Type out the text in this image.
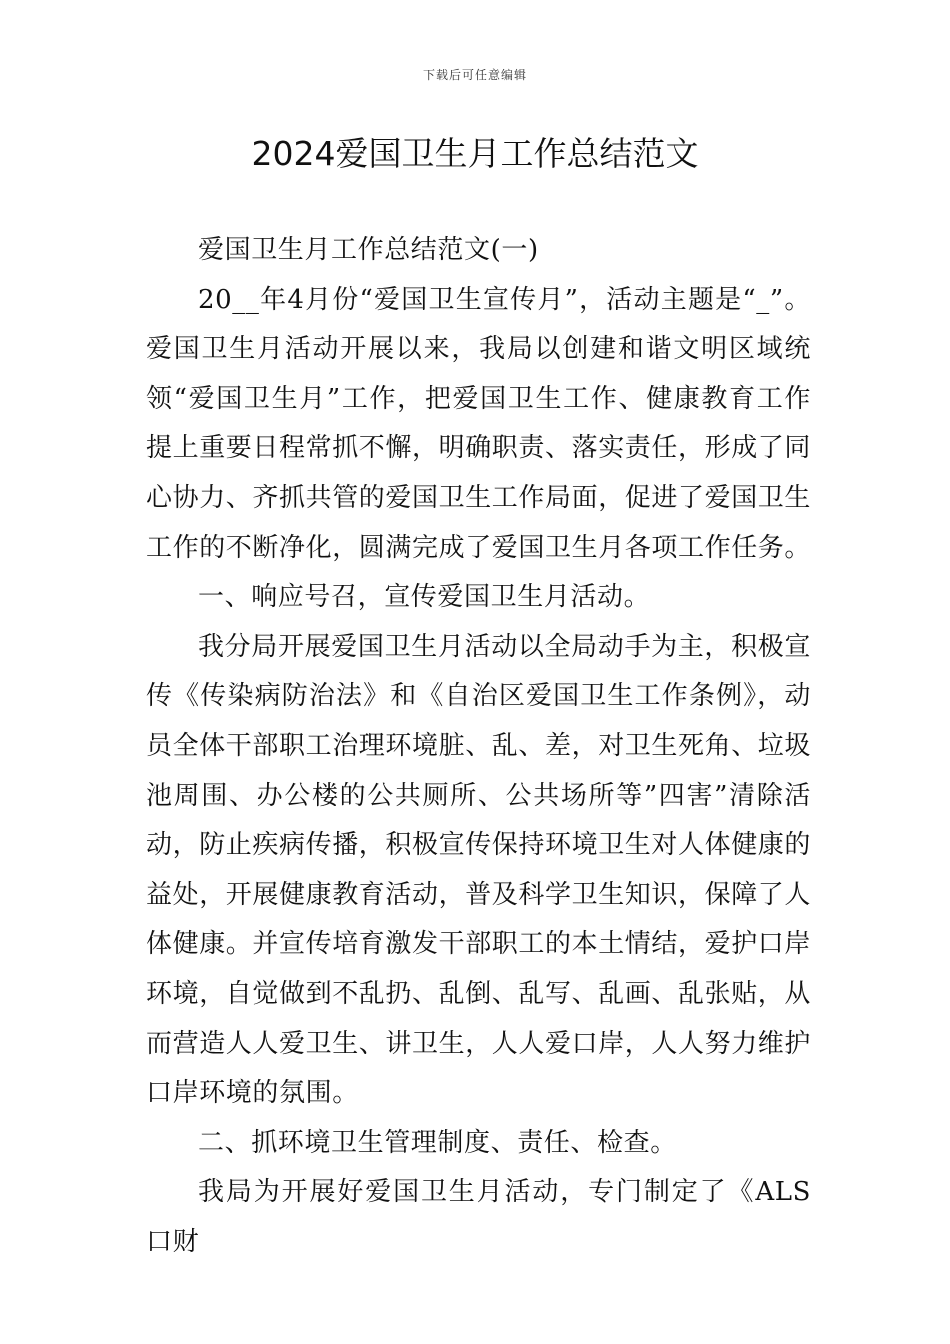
下载后可任意编辑
2024爱国卫生月工作总结范文

爱国卫生月工作总结范文(一)

20__年4月份“爱国卫生宣传月”，活动主题是“_”。爱国卫生月活动开展以来，我局以创建和谐文明区域统领“爱国卫生月”工作，把爱国卫生工作、健康教育工作提上重要日程常抓不懈，明确职责、落实责任，形成了同心协力、齐抓共管的爱国卫生工作局面，促进了爱国卫生工作的不断净化，圆满完成了爱国卫生月各项工作任务。

一、响应号召，宣传爱国卫生月活动。

我分局开展爱国卫生月活动以全局动手为主，积极宣传《传染病防治法》和《自治区爱国卫生工作条例》，动员全体干部职工治理环境脏、乱、差，对卫生死角、垃圾池周围、办公楼的公共厕所、公共场所等”四害”清除活动，防止疾病传播，积极宣传保持环境卫生对人体健康的益处，开展健康教育活动，普及科学卫生知识，保障了人体健康。并宣传培育激发干部职工的本土情结，爱护口岸环境，自觉做到不乱扔、乱倒、乱写、乱画、乱张贴，从而营造人人爱卫生、讲卫生，人人爱口岸，人人努力维护口岸环境的氛围。

二、抓环境卫生管理制度、责任、检查。

我局为开展好爱国卫生月活动，专门制定了《ALS口财
